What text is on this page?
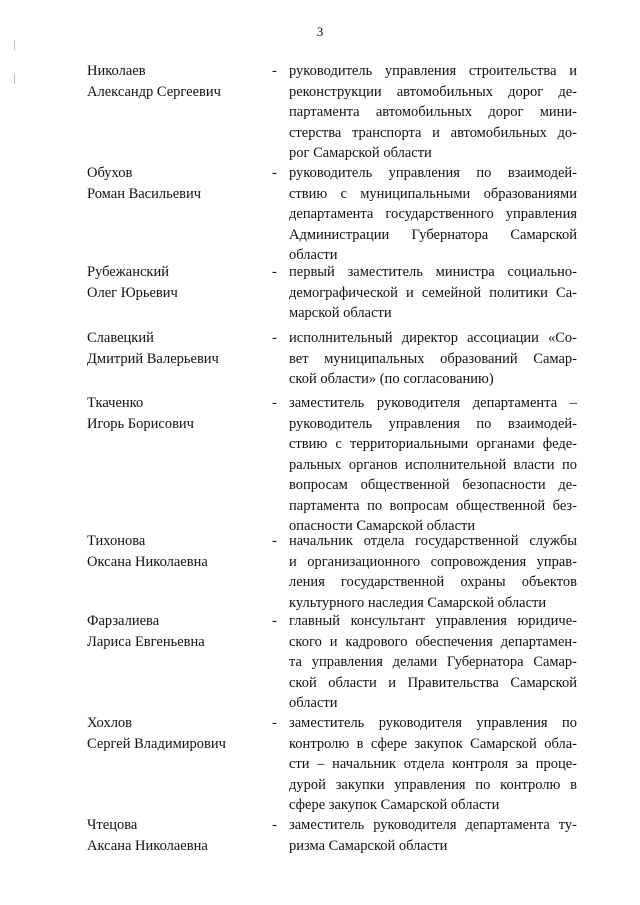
3
Николаев
Александр Сергеевич
- руководитель управления строительства и
реконструкции автомобильных дорог де-
партамента автомобильных дорог мини-
стерства транспорта и автомобильных до-
рог Самарской области
Обухов
Роман Васильевич
- руководитель управления по взаимодей-
ствию с муниципальными образованиями
департамента государственного управления
Администрации Губернатора Самарской
области
Рубежанский
Олег Юрьевич
- первый заместитель министра социально-
демографической и семейной политики Са-
марской области
Славецкий
Дмитрий Валерьевич
- исполнительный директор ассоциации «Со-
вет муниципальных образований Самар-
ской области» (по согласованию)
Ткаченко
Игорь Борисович
- заместитель руководителя департамента –
руководитель управления по взаимодей-
ствию с территориальными органами феде-
ральных органов исполнительной власти по
вопросам общественной безопасности де-
партамента по вопросам общественной без-
опасности Самарской области
Тихонова
Оксана Николаевна
- начальник отдела государственной службы
и организационного сопровождения управ-
ления государственной охраны объектов
культурного наследия Самарской области
Фарзалиева
Лариса Евгеньевна
- главный консультант управления юридиче-
ского и кадрового обеспечения департамен-
та управления делами Губернатора Самар-
ской области и Правительства Самарской
области
Хохлов
Сергей Владимирович
- заместитель руководителя управления по
контролю в сфере закупок Самарской обла-
сти – начальник отдела контроля за проце-
дурой закупки управления по контролю в
сфере закупок Самарской области
Чтецова
Аксана Николаевна
- заместитель руководителя департамента ту-
ризма Самарской области
